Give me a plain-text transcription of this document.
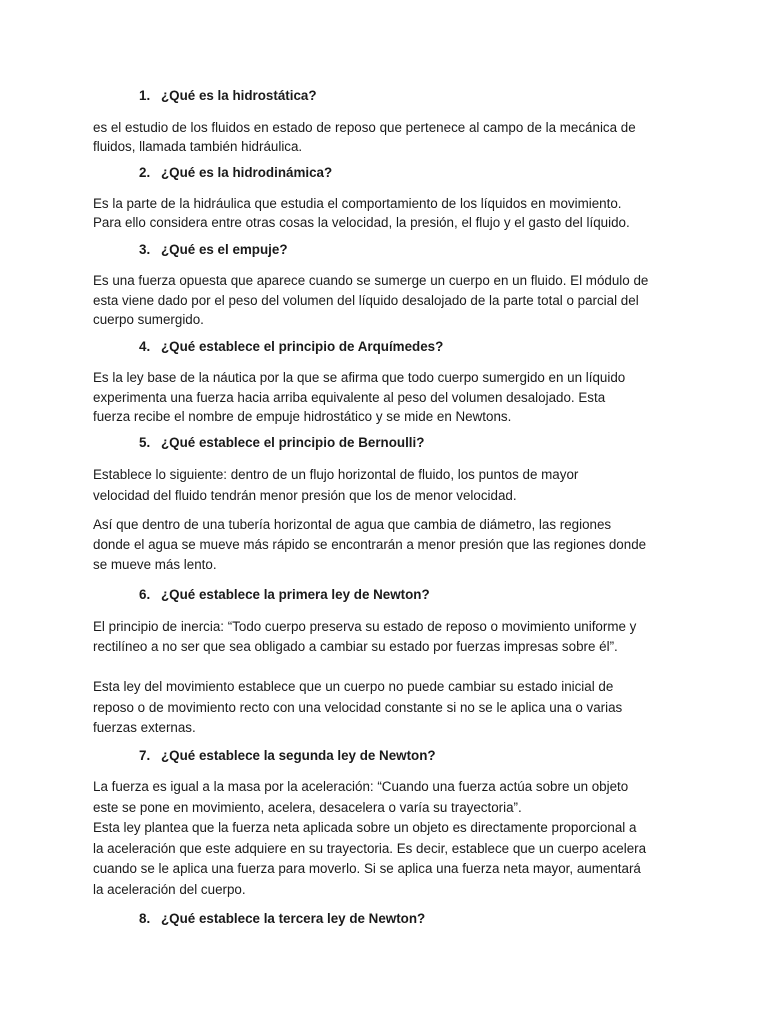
1. ¿Qué es la hidrostática?
es el estudio de los fluidos en estado de reposo que pertenece al campo de la mecánica de
fluidos, llamada también hidráulica.
2. ¿Qué es la hidrodinámica?
Es la parte de la hidráulica que estudia el comportamiento de los líquidos en movimiento.
Para ello considera entre otras cosas la velocidad, la presión, el flujo y el gasto del líquido.
3. ¿Qué es el empuje?
Es una fuerza opuesta que aparece cuando se sumerge un cuerpo en un fluido. El módulo de
esta viene dado por el peso del volumen del líquido desalojado de la parte total o parcial del
cuerpo sumergido.
4. ¿Qué establece el principio de Arquímedes?
Es la ley base de la náutica por la que se afirma que todo cuerpo sumergido en un líquido
experimenta una fuerza hacia arriba equivalente al peso del volumen desalojado. Esta
fuerza recibe el nombre de empuje hidrostático y se mide en Newtons.
5. ¿Qué establece el principio de Bernoulli?
Establece lo siguiente: dentro de un flujo horizontal de fluido, los puntos de mayor
velocidad del fluido tendrán menor presión que los de menor velocidad.
Así que dentro de una tubería horizontal de agua que cambia de diámetro, las regiones
donde el agua se mueve más rápido se encontrarán a menor presión que las regiones donde
se mueve más lento.
6. ¿Qué establece la primera ley de Newton?
El principio de inercia: “Todo cuerpo preserva su estado de reposo o movimiento uniforme y
rectilíneo a no ser que sea obligado a cambiar su estado por fuerzas impresas sobre él”.
Esta ley del movimiento establece que un cuerpo no puede cambiar su estado inicial de
reposo o de movimiento recto con una velocidad constante si no se le aplica una o varias
fuerzas externas.
7. ¿Qué establece la segunda ley de Newton?
La fuerza es igual a la masa por la aceleración: “Cuando una fuerza actúa sobre un objeto
este se pone en movimiento, acelera, desacelera o varía su trayectoria”.
Esta ley plantea que la fuerza neta aplicada sobre un objeto es directamente proporcional a
la aceleración que este adquiere en su trayectoria. Es decir, establece que un cuerpo acelera
cuando se le aplica una fuerza para moverlo. Si se aplica una fuerza neta mayor, aumentará
la aceleración del cuerpo.
8. ¿Qué establece la tercera ley de Newton?
